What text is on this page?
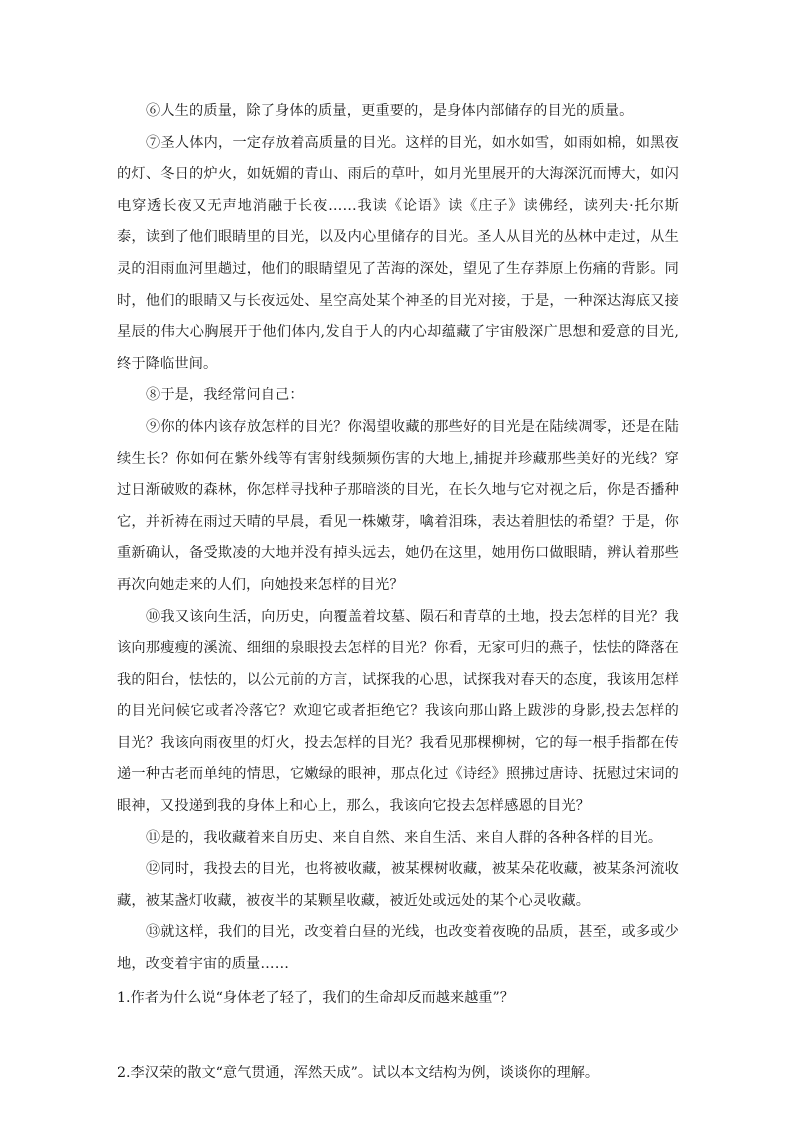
⑥人生的质量，除了身体的质量，更重要的，是身体内部储存的目光的质量。

⑦圣人体内，一定存放着高质量的目光。这样的目光，如水如雪，如雨如棉，如黑夜的灯、冬日的炉火，如妩媚的青山、雨后的草叶，如月光里展开的大海深沉而博大，如闪电穿透长夜又无声地消融于长夜……我读《论语》读《庄子》读佛经，读列夫·托尔斯泰，读到了他们眼睛里的目光，以及内心里储存的目光。圣人从目光的丛林中走过，从生灵的泪雨血河里趟过，他们的眼睛望见了苦海的深处，望见了生存莽原上伤痛的背影。同时，他们的眼睛又与长夜远处、星空高处某个神圣的目光对接，于是，一种深达海底又接星辰的伟大心胸展开于他们体内,发自于人的内心却蕴藏了宇宙般深广思想和爱意的目光,终于降临世间。

⑧于是，我经常问自己：

⑨你的体内该存放怎样的目光？你渴望收藏的那些好的目光是在陆续凋零，还是在陆续生长？你如何在紫外线等有害射线频频伤害的大地上,捕捉并珍藏那些美好的光线？穿过日渐破败的森林，你怎样寻找种子那暗淡的目光，在长久地与它对视之后，你是否播种它，并祈祷在雨过天晴的早晨，看见一株嫩芽，噙着泪珠，表达着胆怯的希望？于是，你重新确认，备受欺凌的大地并没有掉头远去，她仍在这里，她用伤口做眼睛，辨认着那些再次向她走来的人们，向她投来怎样的目光？

⑩我又该向生活，向历史，向覆盖着坟墓、陨石和青草的土地，投去怎样的目光？我该向那瘦瘦的溪流、细细的泉眼投去怎样的目光？你看，无家可归的燕子，怯怯的降落在我的阳台，怯怯的，以公元前的方言，试探我的心思，试探我对春天的态度，我该用怎样的目光问候它或者冷落它？欢迎它或者拒绝它？我该向那山路上跋涉的身影,投去怎样的目光？我该向雨夜里的灯火，投去怎样的目光？我看见那棵柳树，它的每一根手指都在传递一种古老而单纯的情思，它嫩绿的眼神，那点化过《诗经》照拂过唐诗、抚慰过宋词的眼神，又投递到我的身体上和心上，那么，我该向它投去怎样感恩的目光？

⑪是的，我收藏着来自历史、来自自然、来自生活、来自人群的各种各样的目光。

⑫同时，我投去的目光，也将被收藏，被某棵树收藏，被某朵花收藏，被某条河流收藏，被某盏灯收藏，被夜半的某颗星收藏，被近处或远处的某个心灵收藏。

⑬就这样，我们的目光，改变着白昼的光线，也改变着夜晚的品质，甚至，或多或少地，改变着宇宙的质量……

1.作者为什么说“身体老了轻了，我们的生命却反而越来越重”？

2.李汉荣的散文“意气贯通，浑然天成”。试以本文结构为例，谈谈你的理解。
